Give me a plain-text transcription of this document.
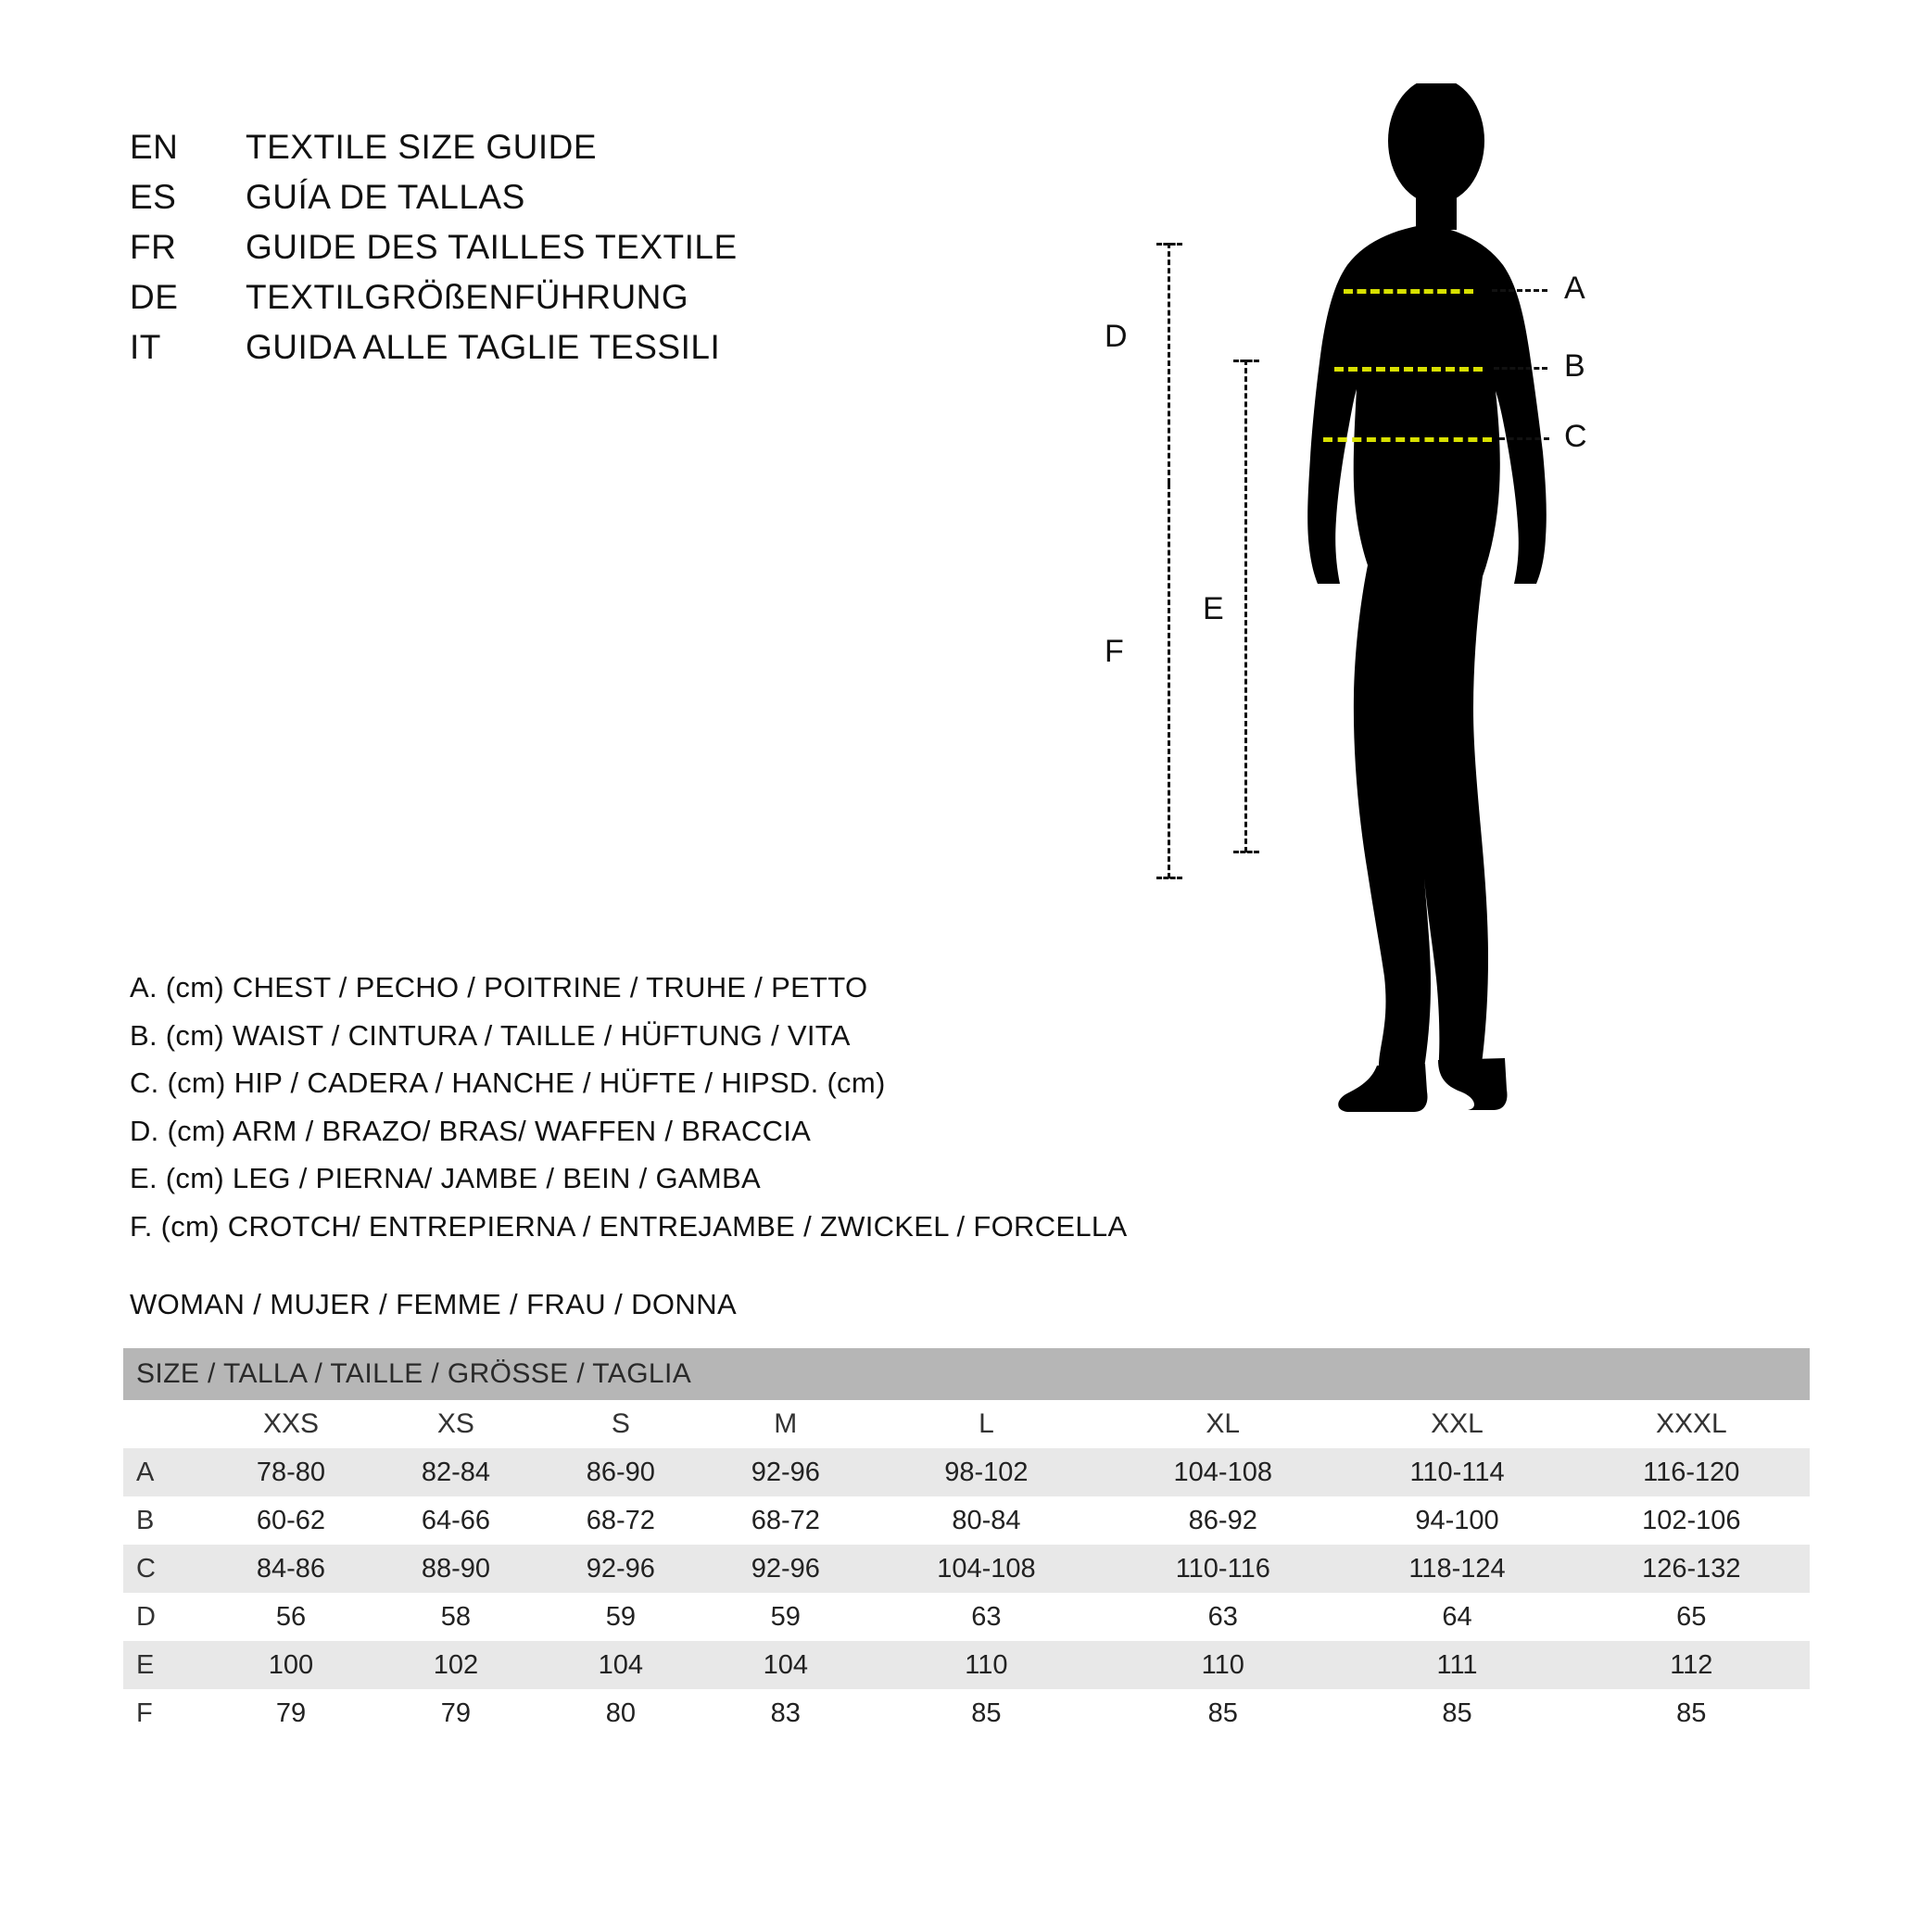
EN	TEXTILE SIZE GUIDE
ES	GUÍA DE TALLAS
FR	GUIDE DES TAILLES TEXTILE
DE	TEXTILGRÖßENFÜHRUNG
IT	GUIDA ALLE TAGLIE TESSILI
A
B
C
D
F
E
A. (cm) CHEST / PECHO / POITRINE / TRUHE / PETTO
B. (cm) WAIST / CINTURA / TAILLE / HÜFTUNG / VITA
C. (cm) HIP / CADERA / HANCHE / HÜFTE / HIPSD. (cm)
D. (cm) ARM / BRAZO/ BRAS/ WAFFEN / BRACCIA
E. (cm) LEG / PIERNA/ JAMBE / BEIN / GAMBA
F. (cm) CROTCH/ ENTREPIERNA / ENTREJAMBE / ZWICKEL / FORCELLA
WOMAN / MUJER / FEMME / FRAU / DONNA
SIZE / TALLA / TAILLE / GRÖSSE / TAGLIA								
	XXS	XS	S	M	L	XL	XXL	XXXL
A	78-80	82-84	86-90	92-96	98-102	104-108	110-114	116-120
B	60-62	64-66	68-72	68-72	80-84	86-92	94-100	102-106
C	84-86	88-90	92-96	92-96	104-108	110-116	118-124	126-132
D	56	58	59	59	63	63	64	65
E	100	102	104	104	110	110	111	112
F	79	79	80	83	85	85	85	85
